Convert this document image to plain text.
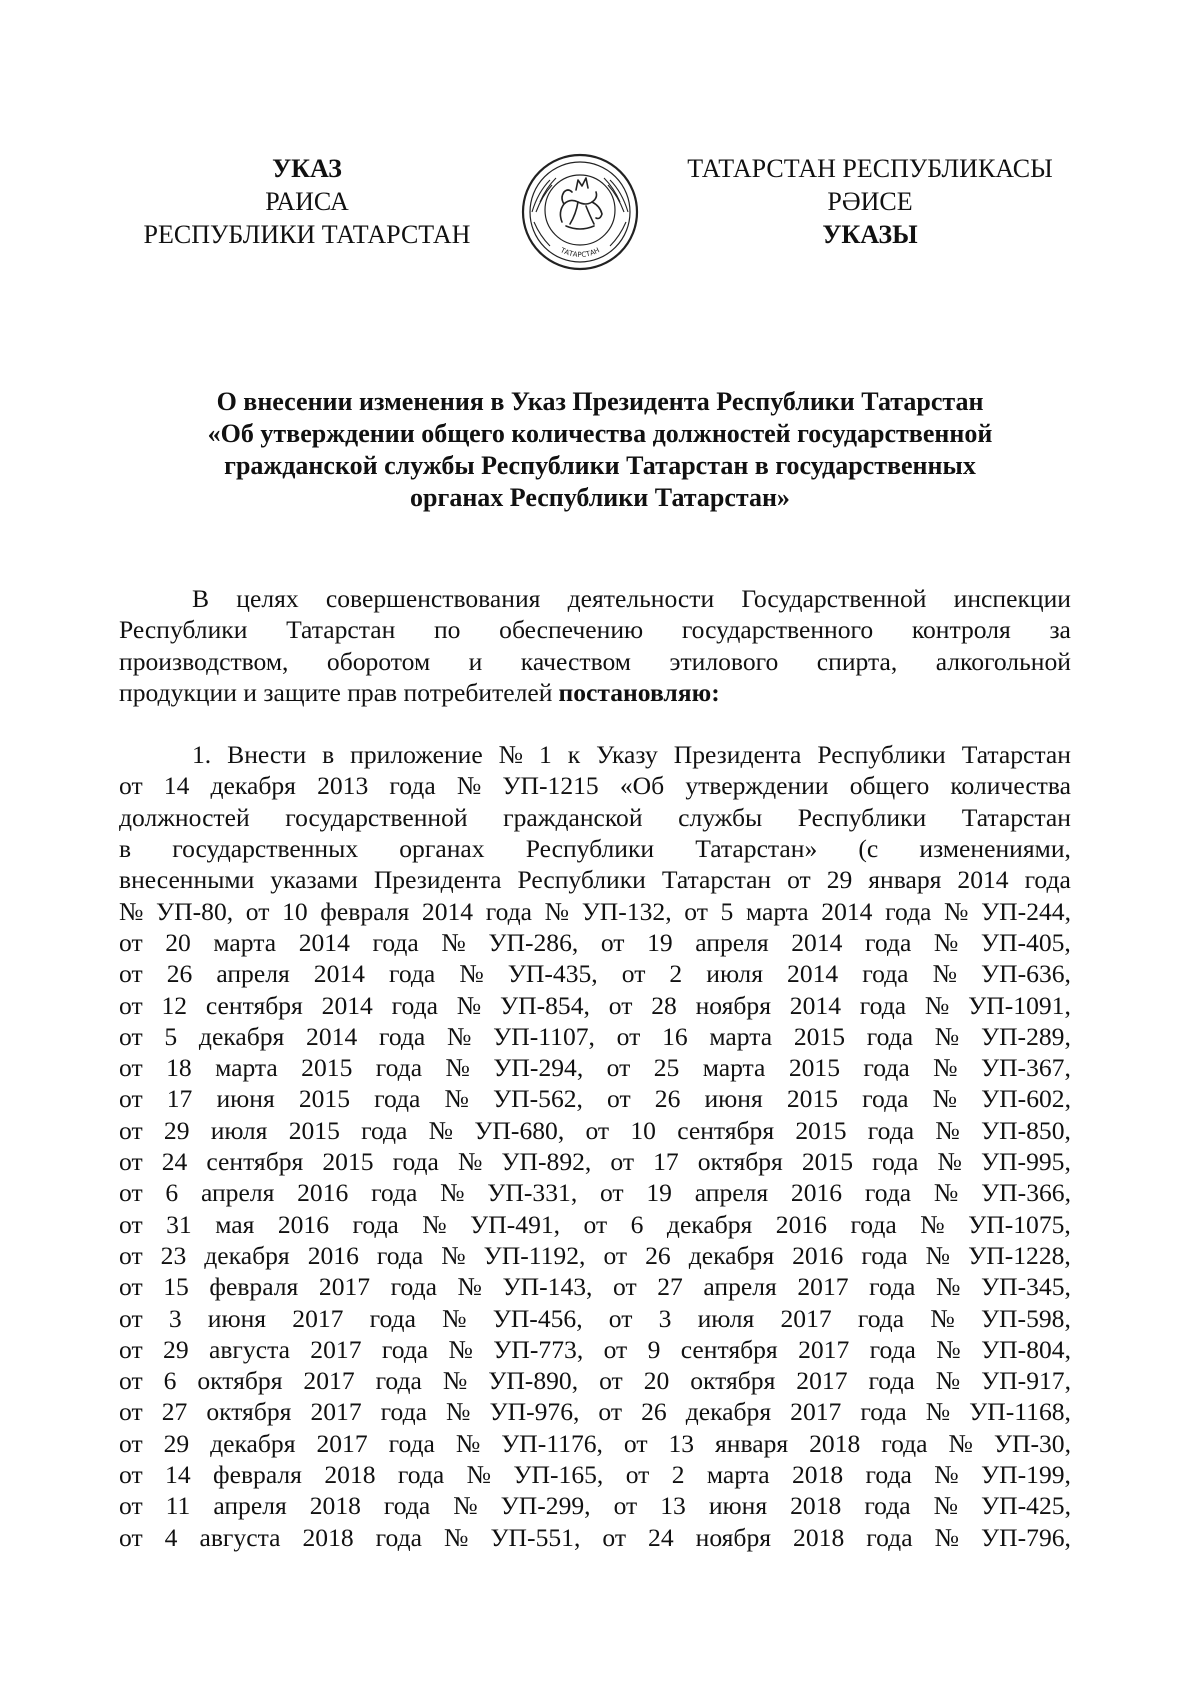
УКАЗ
РАИСА
РЕСПУБЛИКИ ТАТАРСТАН
ТАТАРСТАН
ТАТАРСТАН РЕСПУБЛИКАСЫ
РӘИСЕ
УКАЗЫ
О внесении изменения в Указ Президента Республики Татарстан
«Об утверждении общего количества должностей государственной
гражданской службы Республики Татарстан в государственных
органах Республики Татарстан»
В целях совершенствования деятельности Государственной инспекции
Республики Татарстан по обеспечению государственного контроля за
производством, оборотом и качеством этилового спирта, алкогольной
продукции и защите прав потребителей постановляю:
1. Внести в приложение № 1 к Указу Президента Республики Татарстан
от 14 декабря 2013 года № УП-1215 «Об утверждении общего количества
должностей государственной гражданской службы Республики Татарстан
в государственных органах Республики Татарстан» (с изменениями,
внесенными указами Президента Республики Татарстан от 29 января 2014 года
№ УП-80, от 10 февраля 2014 года № УП-132, от 5 марта 2014 года № УП-244,
от 20 марта 2014 года № УП-286, от 19 апреля 2014 года № УП-405,
от 26 апреля 2014 года № УП-435, от 2 июля 2014 года № УП-636,
от 12 сентября 2014 года № УП-854, от 28 ноября 2014 года № УП-1091,
от 5 декабря 2014 года № УП-1107, от 16 марта 2015 года № УП-289,
от 18 марта 2015 года № УП-294, от 25 марта 2015 года № УП-367,
от 17 июня 2015 года № УП-562, от 26 июня 2015 года № УП-602,
от 29 июля 2015 года № УП-680, от 10 сентября 2015 года № УП-850,
от 24 сентября 2015 года № УП-892, от 17 октября 2015 года № УП-995,
от 6 апреля 2016 года № УП-331, от 19 апреля 2016 года № УП-366,
от 31 мая 2016 года № УП-491, от 6 декабря 2016 года № УП-1075,
от 23 декабря 2016 года № УП-1192, от 26 декабря 2016 года № УП-1228,
от 15 февраля 2017 года № УП-143, от 27 апреля 2017 года № УП-345,
от 3 июня 2017 года № УП-456, от 3 июля 2017 года № УП-598,
от 29 августа 2017 года № УП-773, от 9 сентября 2017 года № УП-804,
от 6 октября 2017 года № УП-890, от 20 октября 2017 года № УП-917,
от 27 октября 2017 года № УП-976, от 26 декабря 2017 года № УП-1168,
от 29 декабря 2017 года № УП-1176, от 13 января 2018 года № УП-30,
от 14 февраля 2018 года № УП-165, от 2 марта 2018 года № УП-199,
от 11 апреля 2018 года № УП-299, от 13 июня 2018 года № УП-425,
от 4 августа 2018 года № УП-551, от 24 ноября 2018 года № УП-796,
